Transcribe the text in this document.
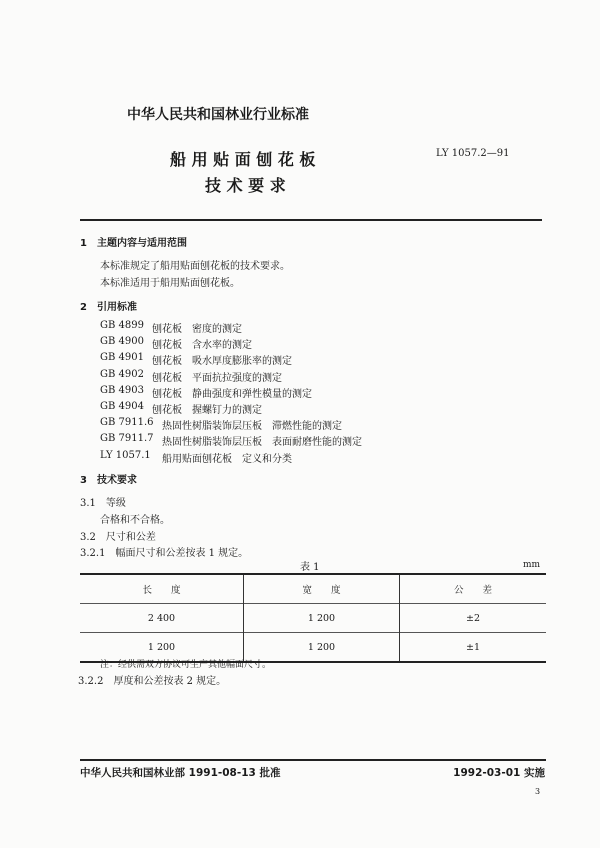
中华人民共和国林业行业标准
船 用 贴 面 刨 花 板
技 术 要 求
LY 1057.2—91
1　主题内容与适用范围
本标准规定了船用贴面刨花板的技术要求。
本标准适用于船用贴面刨花板。
2　引用标准
GB 4899 刨花板　密度的测定
GB 4900 刨花板　含水率的测定
GB 4901 刨花板　吸水厚度膨胀率的测定
GB 4902 刨花板　平面抗拉强度的测定
GB 4903 刨花板　静曲强度和弹性模量的测定
GB 4904 刨花板　握螺钉力的测定
GB 7911.6 热固性树脂装饰层压板　滞燃性能的测定
GB 7911.7 热固性树脂装饰层压板　表面耐磨性能的测定
LY 1057.1 船用贴面刨花板　定义和分类
3　技术要求
3.1　等级
合格和不合格。
3.2　尺寸和公差
3.2.1　幅面尺寸和公差按表 1 规定。
表 1	mm
长　　度	宽　　度	公　　差
2 400	1 200	±2
1 200	1 200	±1
注：经供需双方协议可生产其他幅面尺寸。
3.2.2　厚度和公差按表 2 规定。
中华人民共和国林业部 1991-08-13 批准	1992-03-01 实施
3
